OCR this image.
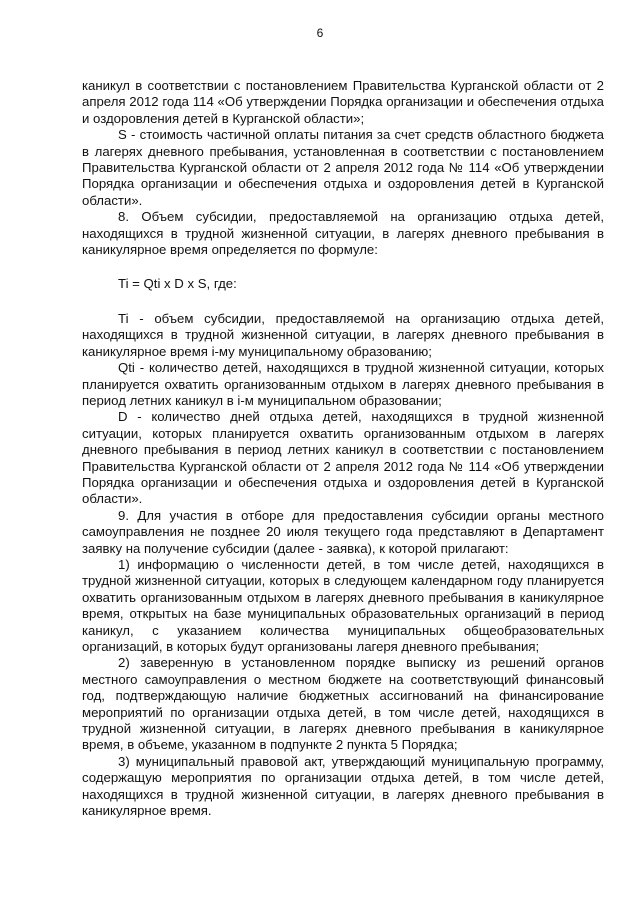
6

каникул в соответствии с постановлением Правительства Курганской области от 2 апреля 2012 года 114 «Об утверждении Порядка организации и обеспечения отдыха и оздоровления детей в Курганской области»;

S - стоимость частичной оплаты питания за счет средств областного бюджета в лагерях дневного пребывания, установленная в соответствии с постановлением Правительства Курганской области от 2 апреля 2012 года № 114 «Об утверждении Порядка организации и обеспечения отдыха и оздоровления детей в Курганской области».

8. Объем субсидии, предоставляемой на организацию отдыха детей, находящихся в трудной жизненной ситуации, в лагерях дневного пребывания в каникулярное время определяется по формуле:

Ti = Qti x D x S, где:

Ti - объем субсидии, предоставляемой на организацию отдыха детей, находящихся в трудной жизненной ситуации, в лагерях дневного пребывания в каникулярное время i-му муниципальному образованию;

Qti - количество детей, находящихся в трудной жизненной ситуации, которых планируется охватить организованным отдыхом в лагерях дневного пребывания в период летних каникул в i-м муниципальном образовании;

D - количество дней отдыха детей, находящихся в трудной жизненной ситуации, которых планируется охватить организованным отдыхом в лагерях дневного пребывания в период летних каникул в соответствии с постановлением Правительства Курганской области от 2 апреля 2012 года № 114 «Об утверждении Порядка организации и обеспечения отдыха и оздоровления детей в Курганской области».

9. Для участия в отборе для предоставления субсидии органы местного самоуправления не позднее 20 июля текущего года представляют в Департамент заявку на получение субсидии (далее - заявка), к которой прилагают:

1) информацию о численности детей, в том числе детей, находящихся в трудной жизненной ситуации, которых в следующем календарном году планируется охватить организованным отдыхом в лагерях дневного пребывания в каникулярное время, открытых на базе муниципальных образовательных организаций в период каникул, с указанием количества муниципальных общеобразовательных организаций, в которых будут организованы лагеря дневного пребывания;

2) заверенную в установленном порядке выписку из решений органов местного самоуправления о местном бюджете на соответствующий финансовый год, подтверждающую наличие бюджетных ассигнований на финансирование мероприятий по организации отдыха детей, в том числе детей, находящихся в трудной жизненной ситуации, в лагерях дневного пребывания в каникулярное время, в объеме, указанном в подпункте 2 пункта 5 Порядка;

3) муниципальный правовой акт, утверждающий муниципальную программу, содержащую мероприятия по организации отдыха детей, в том числе детей, находящихся в трудной жизненной ситуации, в лагерях дневного пребывания в каникулярное время.
